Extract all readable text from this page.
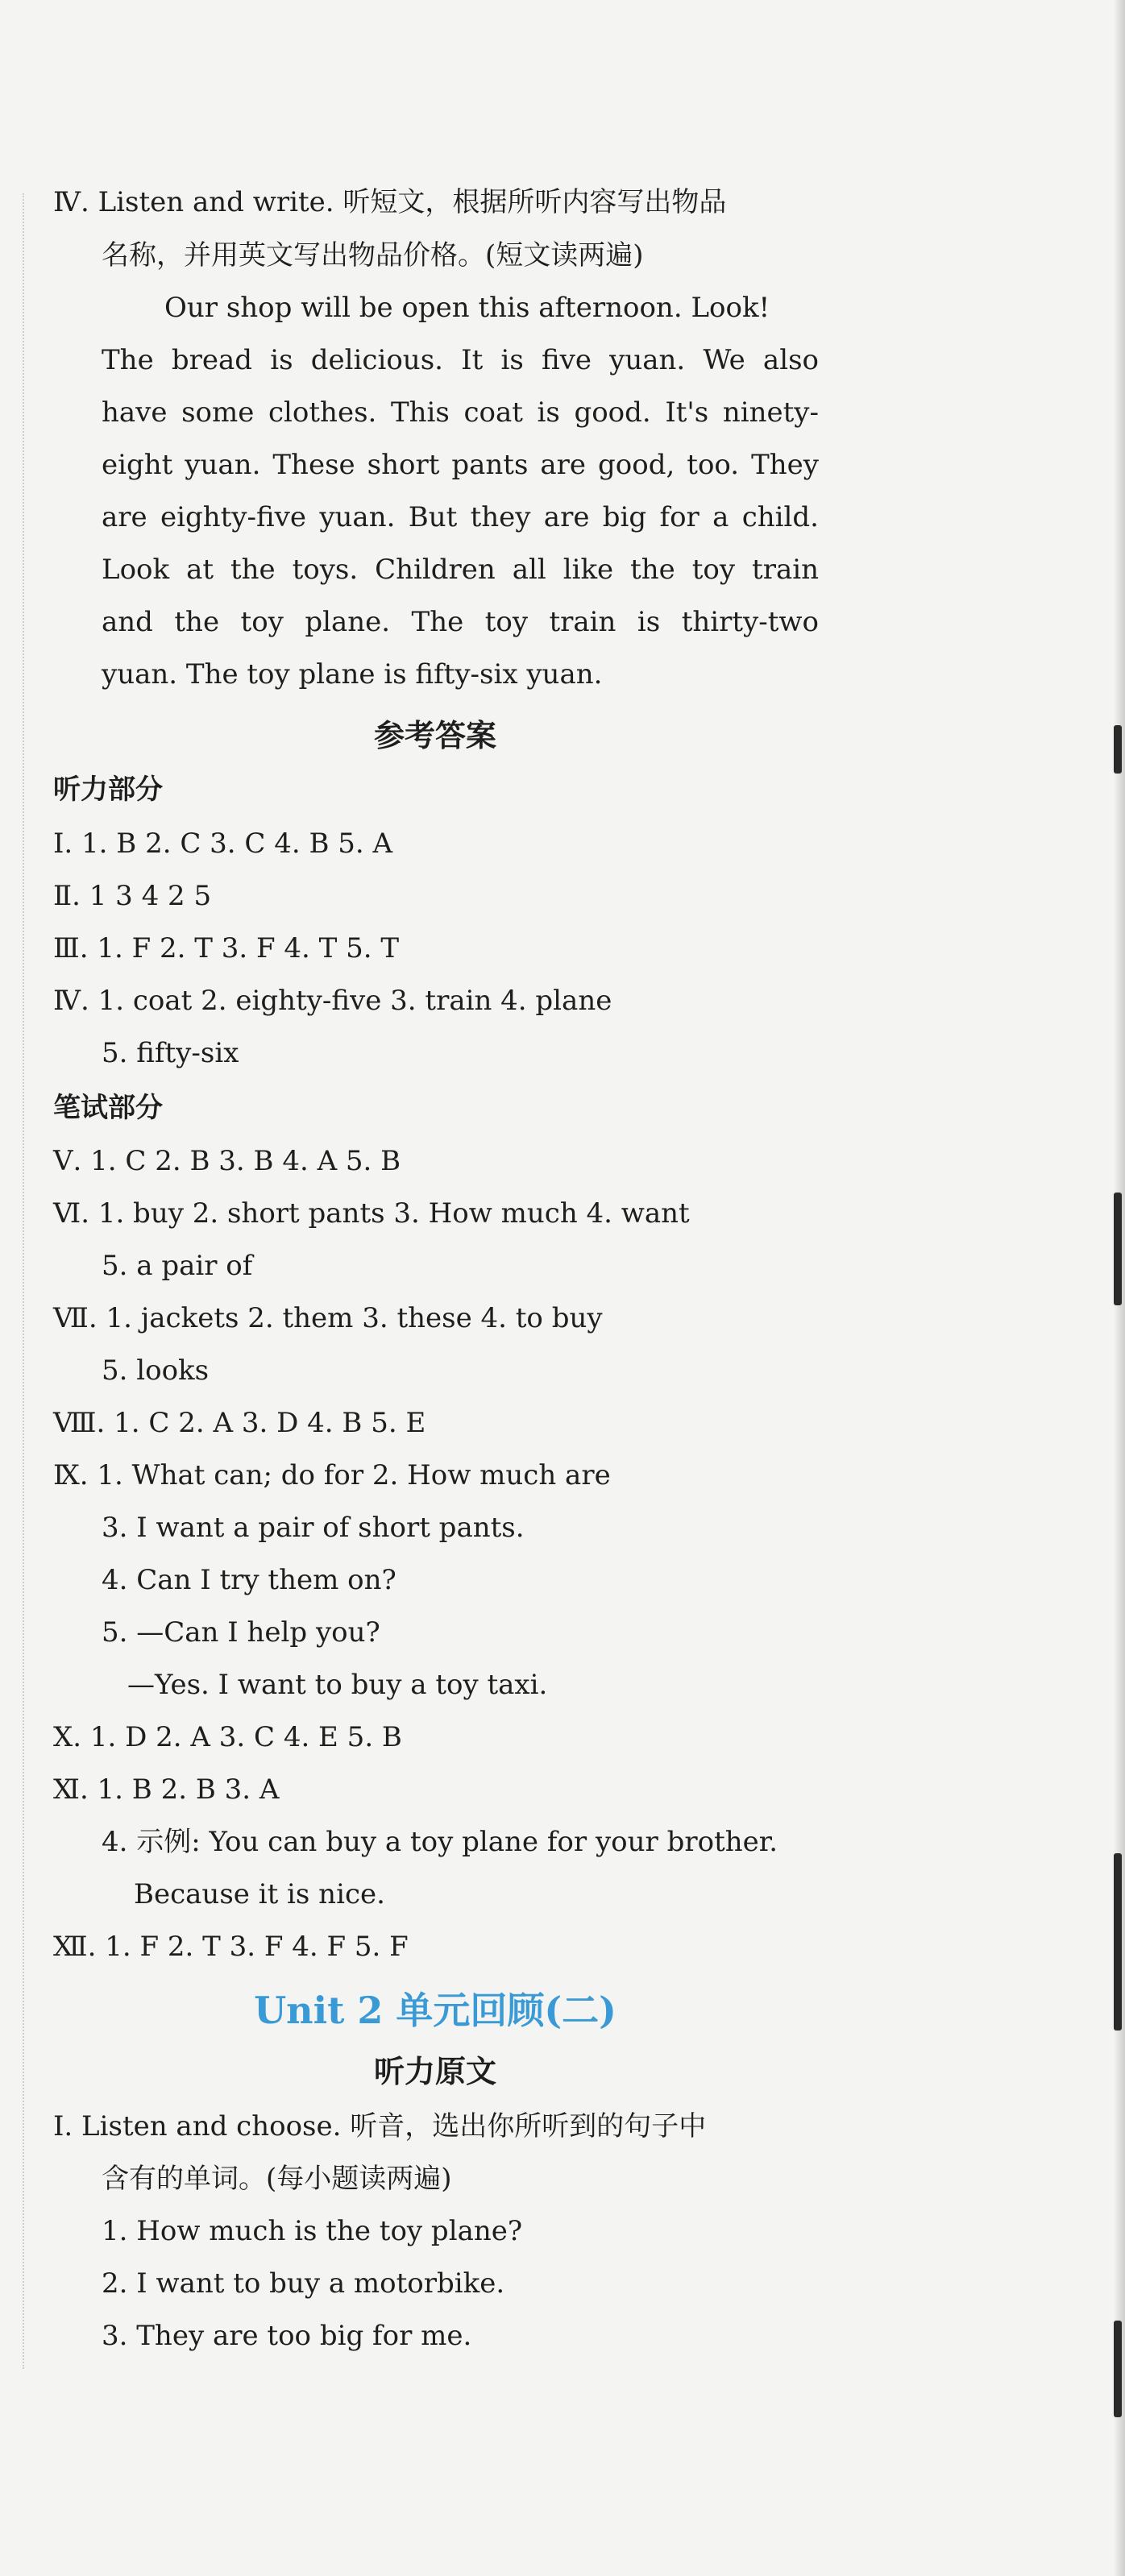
Ⅳ. Listen and write. 听短文，根据所听内容写出物品

名称，并用英文写出物品价格。(短文读两遍)

Our shop will be open this afternoon. Look!

The bread is delicious. It is five yuan. We also

have some clothes. This coat is good. It's ninety-

eight yuan. These short pants are good, too. They

are eighty-five yuan. But they are big for a child.

Look at the toys. Children all like the toy train

and the toy plane. The toy train is thirty-two

yuan. The toy plane is fifty-six yuan.

参考答案

听力部分

Ⅰ. 1. B 2. C 3. C 4. B 5. A

Ⅱ. 1 3 4 2 5

Ⅲ. 1. F 2. T 3. F 4. T 5. T

Ⅳ. 1. coat 2. eighty-five 3. train 4. plane

5. fifty-six

笔试部分

Ⅴ. 1. C 2. B 3. B 4. A 5. B

Ⅵ. 1. buy 2. short pants 3. How much 4. want

5. a pair of

Ⅶ. 1. jackets 2. them 3. these 4. to buy

5. looks

Ⅷ. 1. C 2. A 3. D 4. B 5. E

Ⅸ. 1. What can; do for 2. How much are

3. I want a pair of short pants.

4. Can I try them on?

5. —Can I help you?

—Yes. I want to buy a toy taxi.

Ⅹ. 1. D 2. A 3. C 4. E 5. B

Ⅺ. 1. B 2. B 3. A

4. 示例: You can buy a toy plane for your brother.

Because it is nice.

Ⅻ. 1. F 2. T 3. F 4. F 5. F

Unit 2 单元回顾(二)

听力原文

Ⅰ. Listen and choose. 听音，选出你所听到的句子中

含有的单词。(每小题读两遍)

1. How much is the toy plane?

2. I want to buy a motorbike.

3. They are too big for me.
